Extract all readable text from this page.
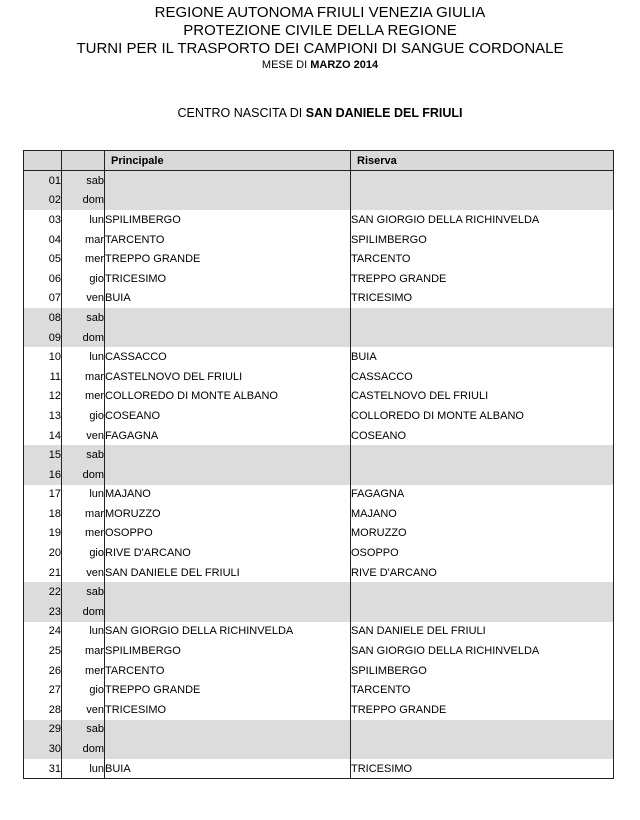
REGIONE AUTONOMA FRIULI VENEZIA GIULIA
PROTEZIONE CIVILE DELLA REGIONE
TURNI PER IL TRASPORTO DEI CAMPIONI DI SANGUE CORDONALE
MESE DI MARZO 2014
CENTRO NASCITA DI SAN DANIELE DEL FRIULI
		Principale	Riserva
01	sab		
02	dom		
03	lun	SPILIMBERGO	SAN GIORGIO DELLA RICHINVELDA
04	mar	TARCENTO	SPILIMBERGO
05	mer	TREPPO GRANDE	TARCENTO
06	gio	TRICESIMO	TREPPO GRANDE
07	ven	BUIA	TRICESIMO
08	sab		
09	dom		
10	lun	CASSACCO	BUIA
11	mar	CASTELNOVO DEL FRIULI	CASSACCO
12	mer	COLLOREDO DI MONTE ALBANO	CASTELNOVO DEL FRIULI
13	gio	COSEANO	COLLOREDO DI MONTE ALBANO
14	ven	FAGAGNA	COSEANO
15	sab		
16	dom		
17	lun	MAJANO	FAGAGNA
18	mar	MORUZZO	MAJANO
19	mer	OSOPPO	MORUZZO
20	gio	RIVE D'ARCANO	OSOPPO
21	ven	SAN DANIELE DEL FRIULI	RIVE D'ARCANO
22	sab		
23	dom		
24	lun	SAN GIORGIO DELLA RICHINVELDA	SAN DANIELE DEL FRIULI
25	mar	SPILIMBERGO	SAN GIORGIO DELLA RICHINVELDA
26	mer	TARCENTO	SPILIMBERGO
27	gio	TREPPO GRANDE	TARCENTO
28	ven	TRICESIMO	TREPPO GRANDE
29	sab		
30	dom		
31	lun	BUIA	TRICESIMO
